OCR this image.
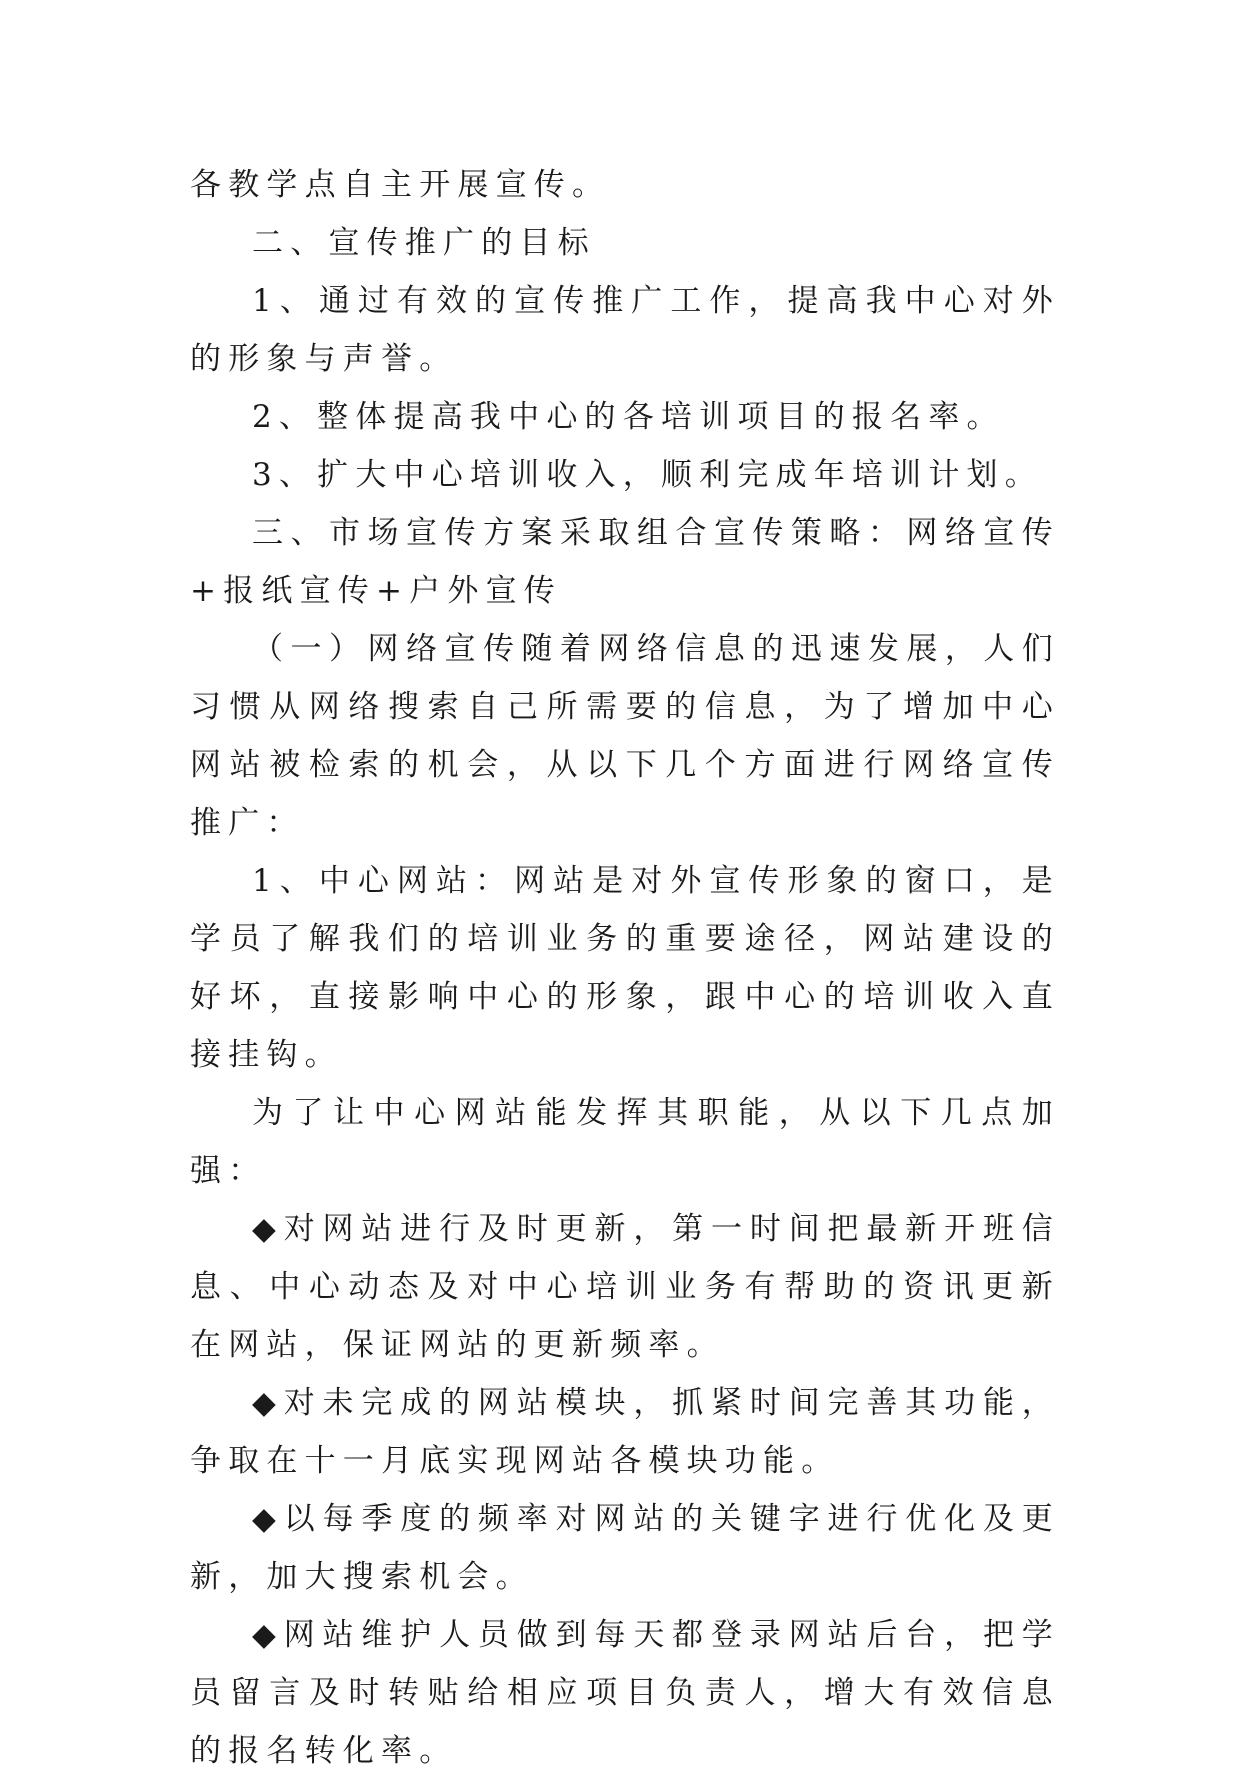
各教学点自主开展宣传。

二、宣传推广的目标

1、通过有效的宣传推广工作，提高我中心对外的形象与声誉。

2、整体提高我中心的各培训项目的报名率。

3、扩大中心培训收入，顺利完成年培训计划。

三、市场宣传方案采取组合宣传策略：网络宣传+报纸宣传+户外宣传

（一）网络宣传随着网络信息的迅速发展，人们习惯从网络搜索自己所需要的信息，为了增加中心网站被检索的机会，从以下几个方面进行网络宣传推广：

1、中心网站：网站是对外宣传形象的窗口，是学员了解我们的培训业务的重要途径，网站建设的好坏，直接影响中心的形象，跟中心的培训收入直接挂钩。

为了让中心网站能发挥其职能，从以下几点加强：

◆对网站进行及时更新，第一时间把最新开班信息、中心动态及对中心培训业务有帮助的资讯更新在网站，保证网站的更新频率。

◆对未完成的网站模块，抓紧时间完善其功能，争取在十一月底实现网站各模块功能。

◆以每季度的频率对网站的关键字进行优化及更新，加大搜索机会。

◆网站维护人员做到每天都登录网站后台，把学员留言及时转贴给相应项目负责人，增大有效信息的报名转化率。
